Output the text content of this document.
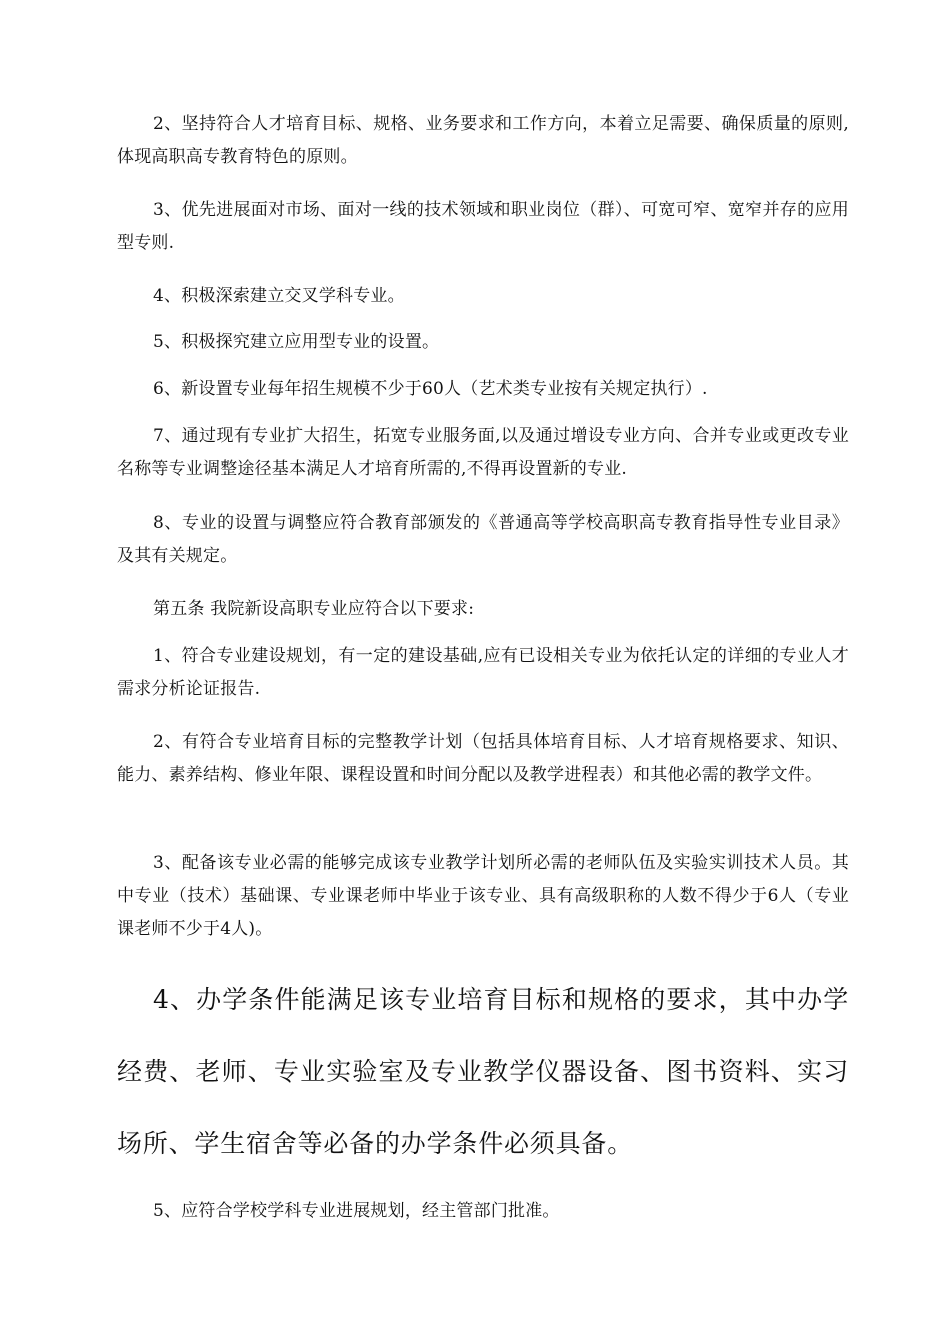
2、坚持符合人才培育目标、规格、业务要求和工作方向，本着立足需要、确保质量的原则,体现高职高专教育特色的原则。

3、优先进展面对市场、面对一线的技术领域和职业岗位（群）、可宽可窄、宽窄并存的应用型专则.

4、积极深索建立交叉学科专业。

5、积极探究建立应用型专业的设置。

6、新设置专业每年招生规模不少于60人（艺术类专业按有关规定执行）.

7、通过现有专业扩大招生，拓宽专业服务面,以及通过增设专业方向、合并专业或更改专业名称等专业调整途径基本满足人才培育所需的,不得再设置新的专业.

8、专业的设置与调整应符合教育部颁发的《普通高等学校高职高专教育指导性专业目录》及其有关规定。

第五条 我院新设高职专业应符合以下要求:

1、符合专业建设规划，有一定的建设基础,应有已设相关专业为依托认定的详细的专业人才需求分析论证报告.

2、有符合专业培育目标的完整教学计划（包括具体培育目标、人才培育规格要求、知识、能力、素养结构、修业年限、课程设置和时间分配以及教学进程表）和其他必需的教学文件。

3、配备该专业必需的能够完成该专业教学计划所必需的老师队伍及实验实训技术人员。其中专业（技术）基础课、专业课老师中毕业于该专业、具有高级职称的人数不得少于6人（专业课老师不少于4人)。

4、办学条件能满足该专业培育目标和规格的要求，其中办学经费、老师、专业实验室及专业教学仪器设备、图书资料、实习场所、学生宿舍等必备的办学条件必须具备。

5、应符合学校学科专业进展规划，经主管部门批准。
